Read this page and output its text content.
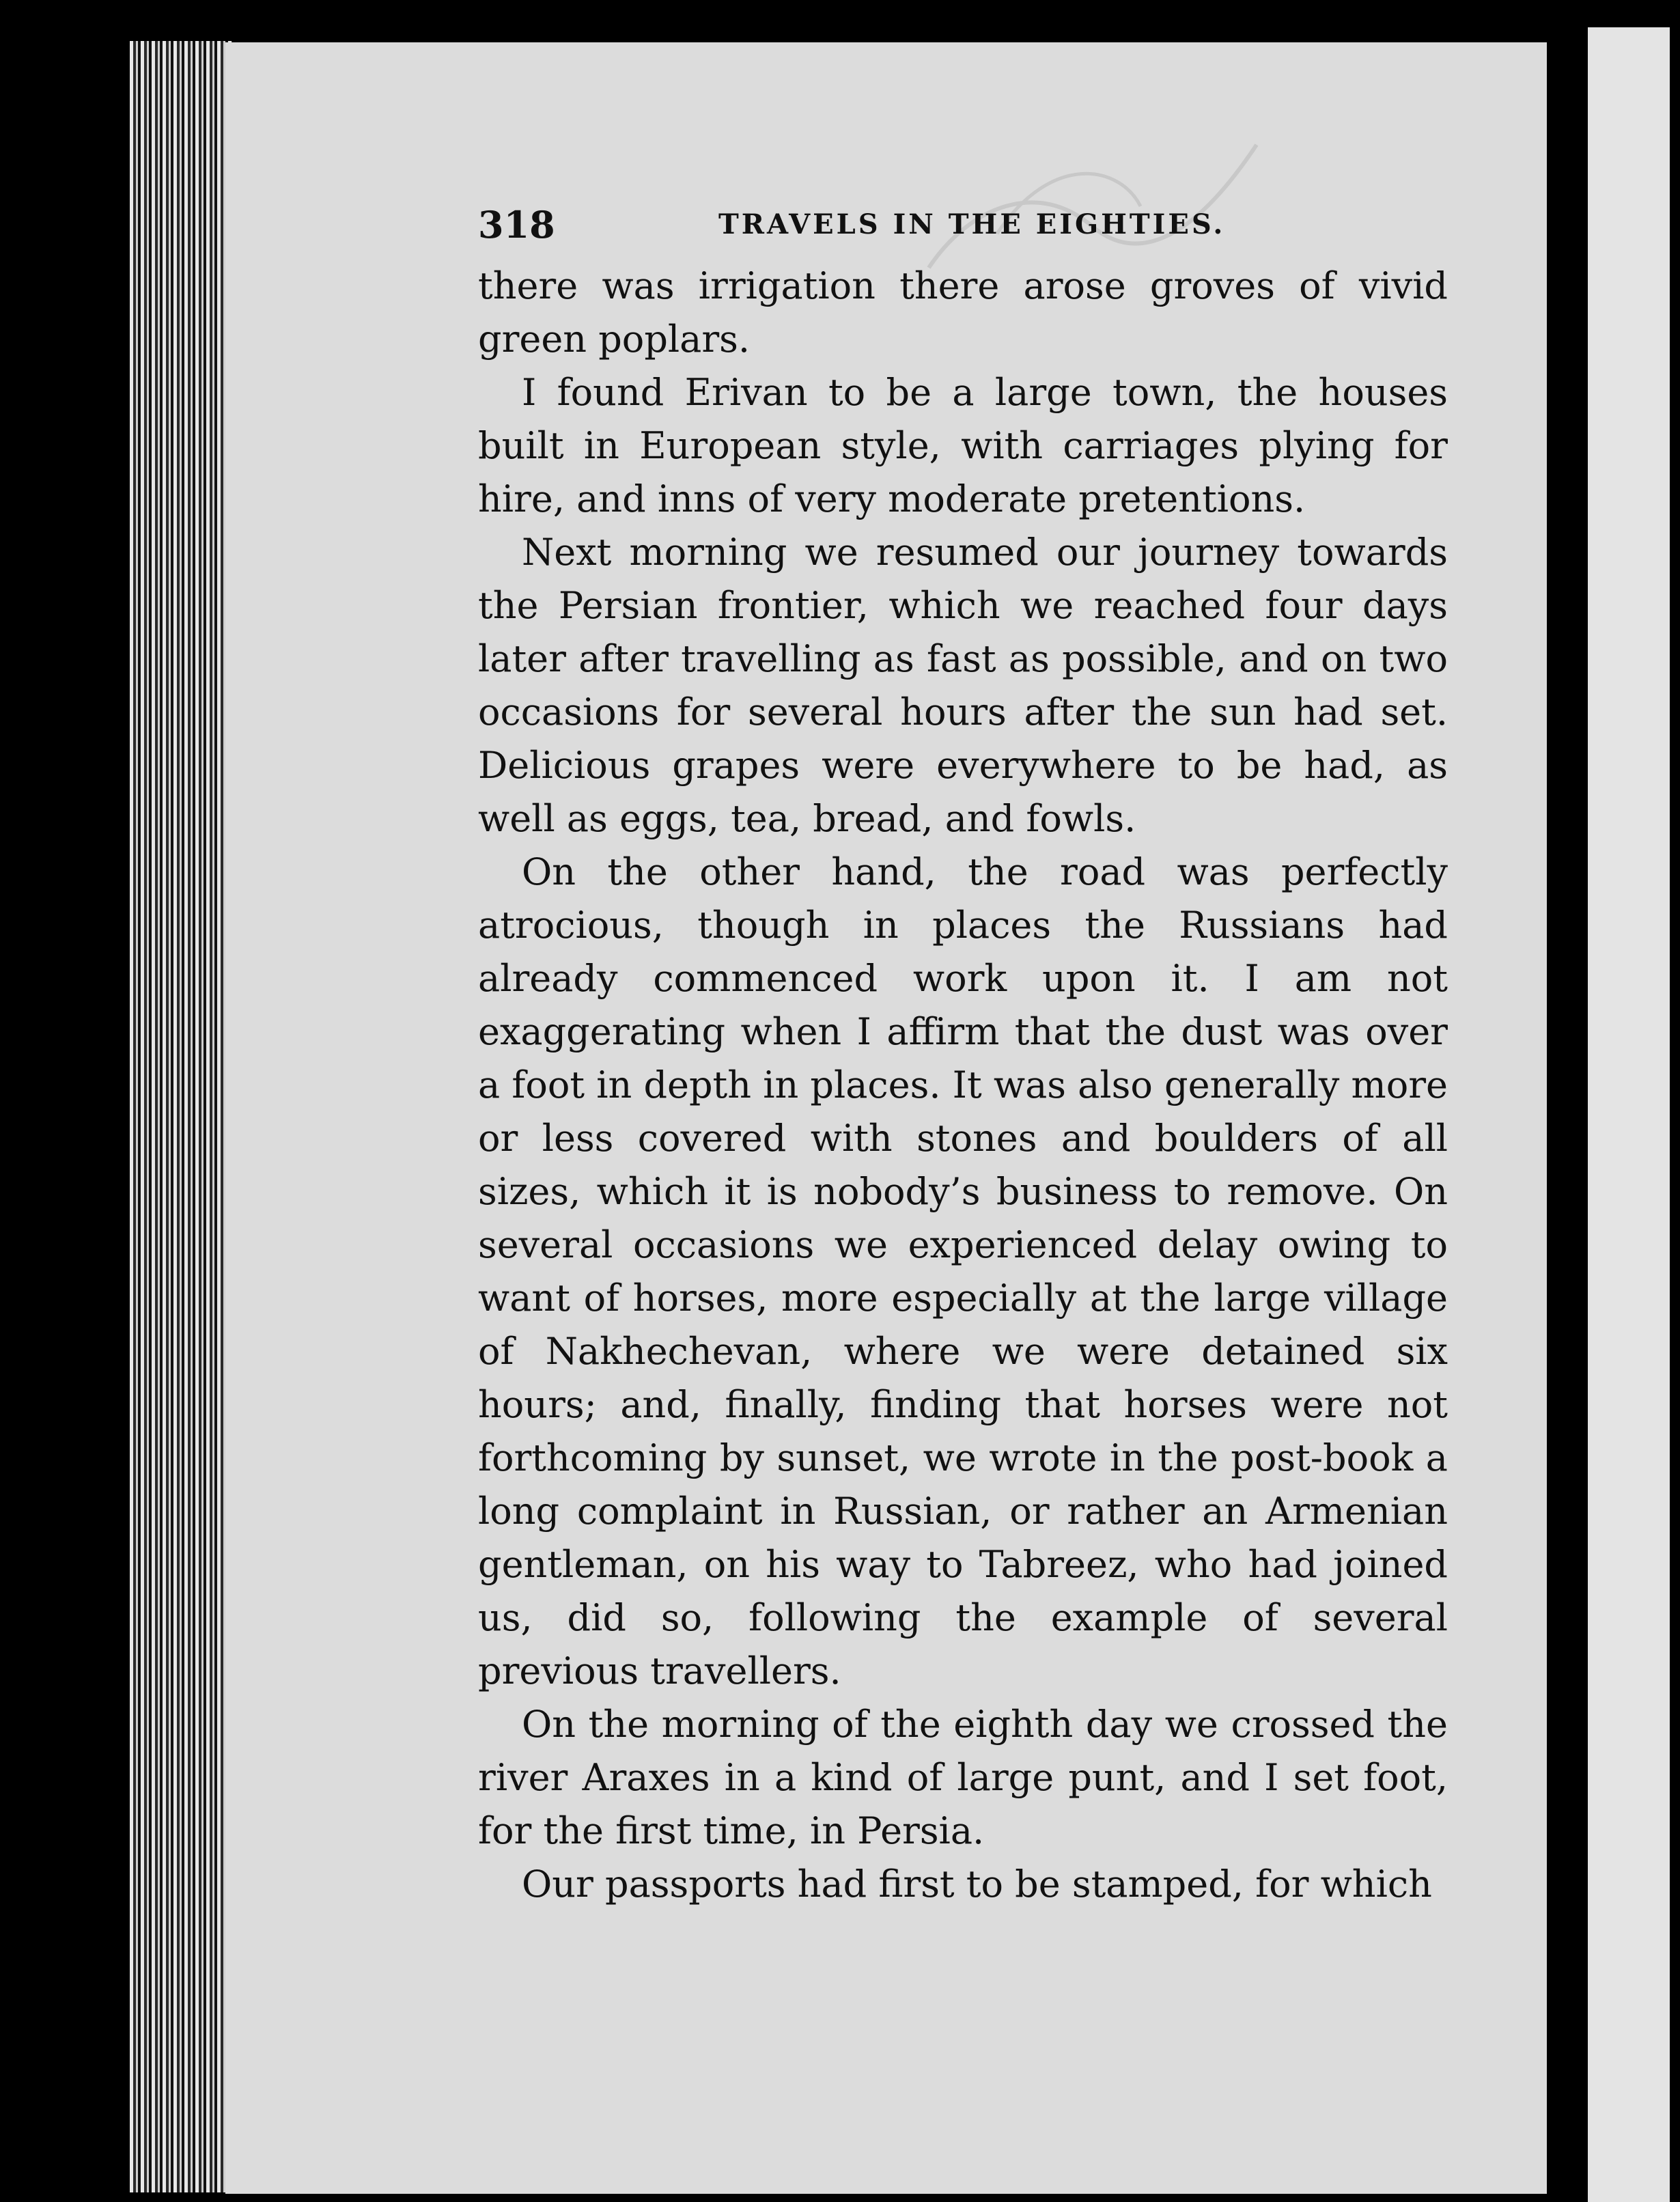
318	TRAVELS IN THE EIGHTIES.

there was irrigation there arose groves of vivid green poplars.

I found Erivan to be a large town, the houses built in European style, with carriages plying for hire, and inns of very moderate pretentions.

Next morning we resumed our journey towards the Persian frontier, which we reached four days later after travelling as fast as possible, and on two occasions for several hours after the sun had set. Delicious grapes were everywhere to be had, as well as eggs, tea, bread, and fowls.

On the other hand, the road was perfectly atrocious, though in places the Russians had already commenced work upon it. I am not exaggerating when I affirm that the dust was over a foot in depth in places. It was also generally more or less covered with stones and boulders of all sizes, which it is nobody’s business to remove. On several occasions we experienced delay owing to want of horses, more especially at the large village of Nakhechevan, where we were detained six hours; and, finally, finding that horses were not forthcoming by sunset, we wrote in the post-book a long complaint in Russian, or rather an Armenian gentleman, on his way to Tabreez, who had joined us, did so, following the example of several previous travellers.

On the morning of the eighth day we crossed the river Araxes in a kind of large punt, and I set foot, for the first time, in Persia.

Our passports had first to be stamped, for which
